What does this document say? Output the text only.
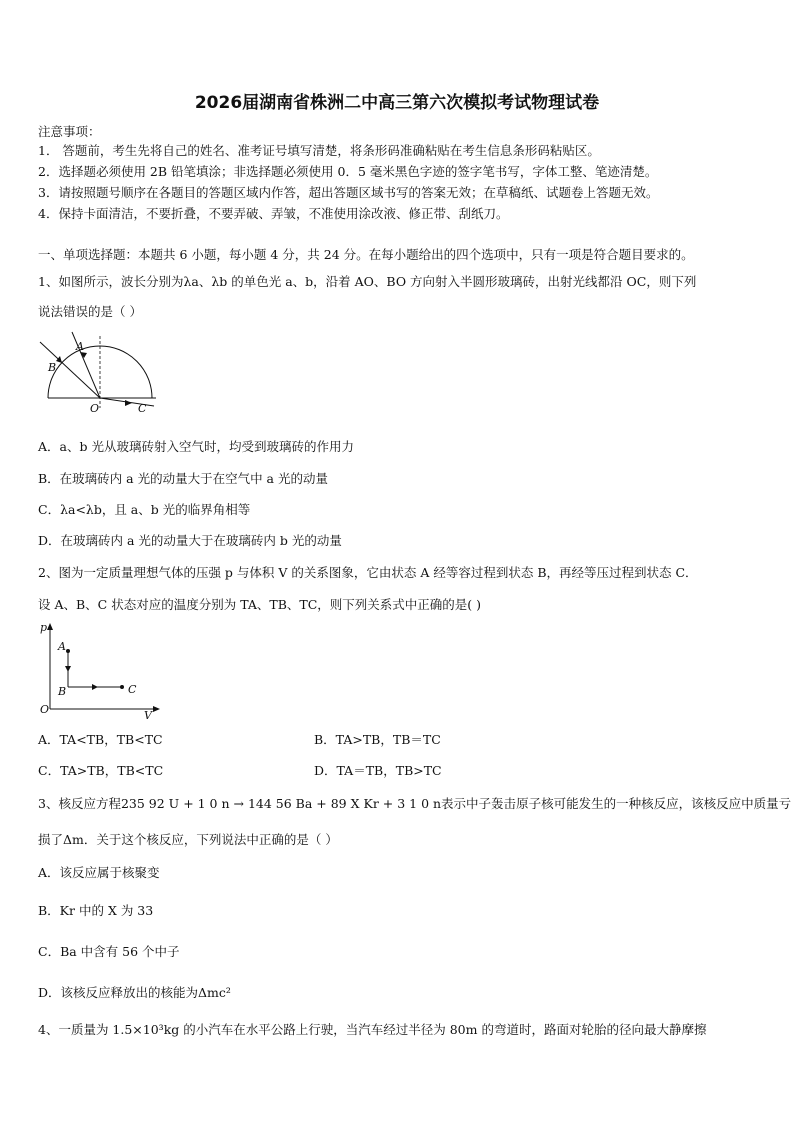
2026届湖南省株洲二中高三第六次模拟考试物理试卷
注意事项：
1． 答题前，考生先将自己的姓名、准考证号填写清楚，将条形码准确粘贴在考生信息条形码粘贴区。
2．选择题必须使用 2B 铅笔填涂；非选择题必须使用 0．5 毫米黑色字迹的签字笔书写，字体工整、笔迹清楚。
3．请按照题号顺序在各题目的答题区域内作答，超出答题区域书写的答案无效；在草稿纸、试题卷上答题无效。
4．保持卡面清洁，不要折叠，不要弄破、弄皱，不准使用涂改液、修正带、刮纸刀。
一、单项选择题：本题共 6 小题，每小题 4 分，共 24 分。在每小题给出的四个选项中，只有一项是符合题目要求的。
1、如图所示，波长分别为λa、λb 的单色光 a、b，沿着 AO、BO 方向射入半圆形玻璃砖，出射光线都沿 OC，则下列
说法错误的是（ ）
A
B
O	C
A．a、b 光从玻璃砖射入空气时，均受到玻璃砖的作用力
B．在玻璃砖内 a 光的动量大于在空气中 a 光的动量
C．λa<λb，且 a、b 光的临界角相等
D．在玻璃砖内 a 光的动量大于在玻璃砖内 b 光的动量
2、图为一定质量理想气体的压强 p 与体积 V 的关系图象，它由状态 A 经等容过程到状态 B，再经等压过程到状态 C．
设 A、B、C 状态对应的温度分别为 TA、TB、TC，则下列关系式中正确的是( )
p
A
B	C
O	V
A．TA<TB，TB<TC	B．TA>TB，TB＝TC
C．TA>TB，TB<TC	D．TA＝TB，TB>TC
3、核反应方程235 92 U + 1 0 n → 144 56 Ba + 89 X Kr + 3 1 0 n表示中子轰击原子核可能发生的一种核反应，该核反应中质量亏
损了Δm．关于这个核反应，下列说法中正确的是（ ）
A．该反应属于核聚变
B．Kr 中的 X 为 33
C．Ba 中含有 56 个中子
D．该核反应释放出的核能为Δmc²
4、一质量为 1.5×10³kg 的小汽车在水平公路上行驶，当汽车经过半径为 80m 的弯道时，路面对轮胎的径向最大静摩擦
